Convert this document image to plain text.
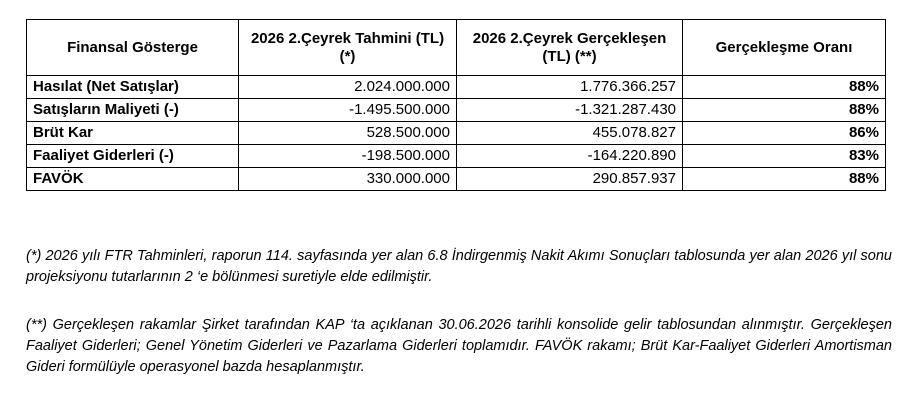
Finansal Gösterge	2026 2.Çeyrek Tahmini (TL) (*)	2026 2.Çeyrek Gerçekleşen (TL) (**)	Gerçekleşme Oranı
Hasılat (Net Satışlar)	2.024.000.000	1.776.366.257	88%
Satışların Maliyeti (-)	-1.495.500.000	-1.321.287.430	88%
Brüt Kar	528.500.000	455.078.827	86%
Faaliyet Giderleri (-)	-198.500.000	-164.220.890	83%
FAVÖK	330.000.000	290.857.937	88%

(*) 2026 yılı FTR Tahminleri, raporun 114. sayfasında yer alan 6.8 İndirgenmiş Nakit Akımı Sonuçları tablosunda yer alan 2026 yıl sonu projeksiyonu tutarlarının 2 ‘e bölünmesi suretiyle elde edilmiştir.

(**) Gerçekleşen rakamlar Şirket tarafından KAP ‘ta açıklanan 30.06.2026 tarihli konsolide gelir tablosundan alınmıştır. Gerçekleşen Faaliyet Giderleri; Genel Yönetim Giderleri ve Pazarlama Giderleri toplamıdır. FAVÖK rakamı; Brüt Kar-Faaliyet Giderleri Amortisman Gideri formülüyle operasyonel bazda hesaplanmıştır.
